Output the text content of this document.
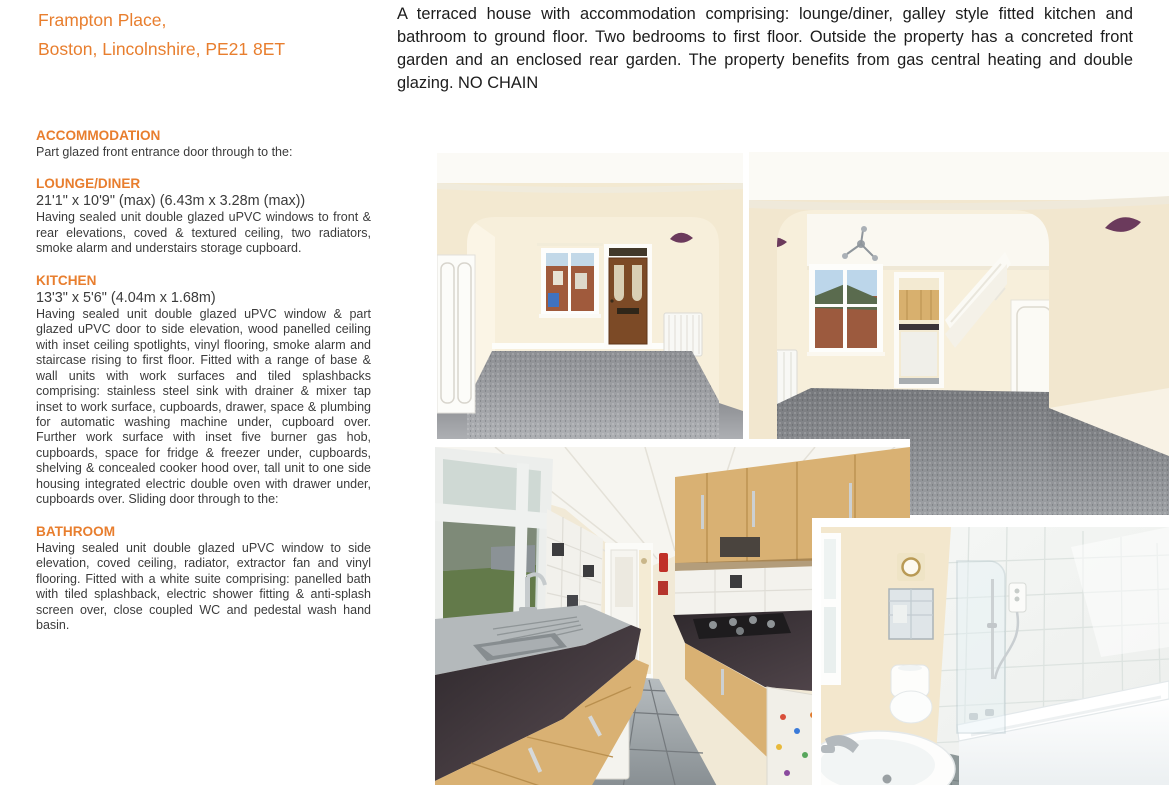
Frampton Place,
Boston, Lincolnshire, PE21 8ET

A terraced house with accommodation comprising: lounge/diner, galley style fitted kitchen and bathroom to ground floor. Two bedrooms to first floor. Outside the property has a concreted front garden and an enclosed rear garden. The property benefits from gas central heating and double glazing. NO CHAIN

ACCOMMODATION

Part glazed front entrance door through to the:

LOUNGE/DINER
21'1" x 10'9" (max) (6.43m x 3.28m (max))

Having sealed unit double glazed uPVC windows to front & rear elevations, coved & textured ceiling, two radiators, smoke alarm and understairs storage cupboard.

KITCHEN
13'3" x 5'6" (4.04m x 1.68m)

Having sealed unit double glazed uPVC window & part glazed uPVC door to side elevation, wood panelled ceiling with inset ceiling spotlights, vinyl flooring, smoke alarm and staircase rising to first floor. Fitted with a range of base & wall units with work surfaces and tiled splashbacks comprising: stainless steel sink with drainer & mixer tap inset to work surface, cupboards, drawer, space & plumbing for automatic washing machine under, cupboard over. Further work surface with inset five burner gas hob, cupboards, space for fridge & freezer under, cupboards, shelving & concealed cooker hood over, tall unit to one side housing integrated electric double oven with drawer under, cupboards over. Sliding door through to the:

BATHROOM

Having sealed unit double glazed uPVC window to side elevation, coved ceiling, radiator, extractor fan and vinyl flooring. Fitted with a white suite comprising: panelled bath with tiled splashback, electric shower fitting & anti-splash screen over, close coupled WC and pedestal wash hand basin.
